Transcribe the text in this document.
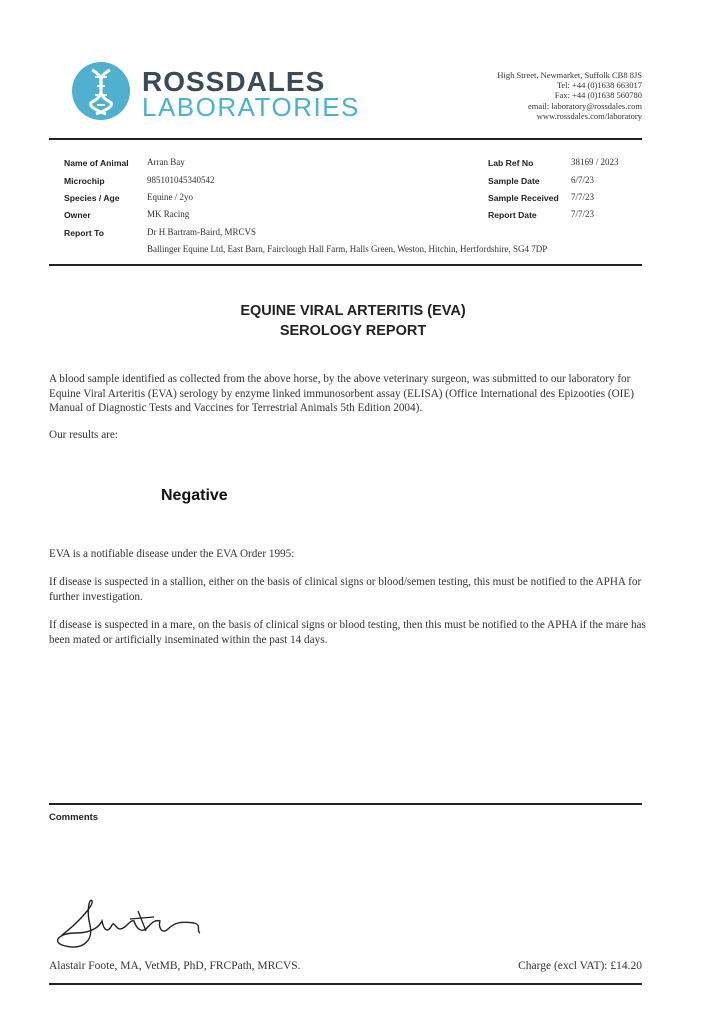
ROSSDALES
LABORATORIES
High Street, Newmarket, Suffolk CB8 8JS
Tel: +44 (0)1638 663017
Fax: +44 (0)1638 560780
email: laboratory@rossdales.com
www.rossdales.com/laboratory
Name of Animal Arran Bay
Microchip	985101045340542
Species / Age	Equine / 2yo
Owner	MK Racing
Report To	Dr H Bartram-Baird, MRCVS
Ballinger Equine Ltd, East Barn, Fairclough Hall Farm, Halls Green, Weston, Hitchin, Hertfordshire, SG4 7DP
Lab Ref No	38169 / 2023
Sample Date	6/7/23
Sample Received 7/7/23
Report Date	7/7/23
EQUINE VIRAL ARTERITIS (EVA)
SEROLOGY REPORT
A blood sample identified as collected from the above horse, by the above veterinary surgeon, was submitted to our laboratory for Equine Viral Arteritis (EVA) serology by enzyme linked immunosorbent assay (ELISA) (Office International des Epizooties (OIE) Manual of Diagnostic Tests and Vaccines for Terrestrial Animals 5th Edition 2004).
Our results are:
Negative
EVA is a notifiable disease under the EVA Order 1995:
If disease is suspected in a stallion, either on the basis of clinical signs or blood/semen testing, this must be notified to the APHA for further investigation.
If disease is suspected in a mare, on the basis of clinical signs or blood testing, then this must be notified to the APHA if the mare has been mated or artificially inseminated within the past 14 days.
Comments
Alastair Foote, MA, VetMB, PhD, FRCPath, MRCVS.	Charge (excl VAT): £14.20
